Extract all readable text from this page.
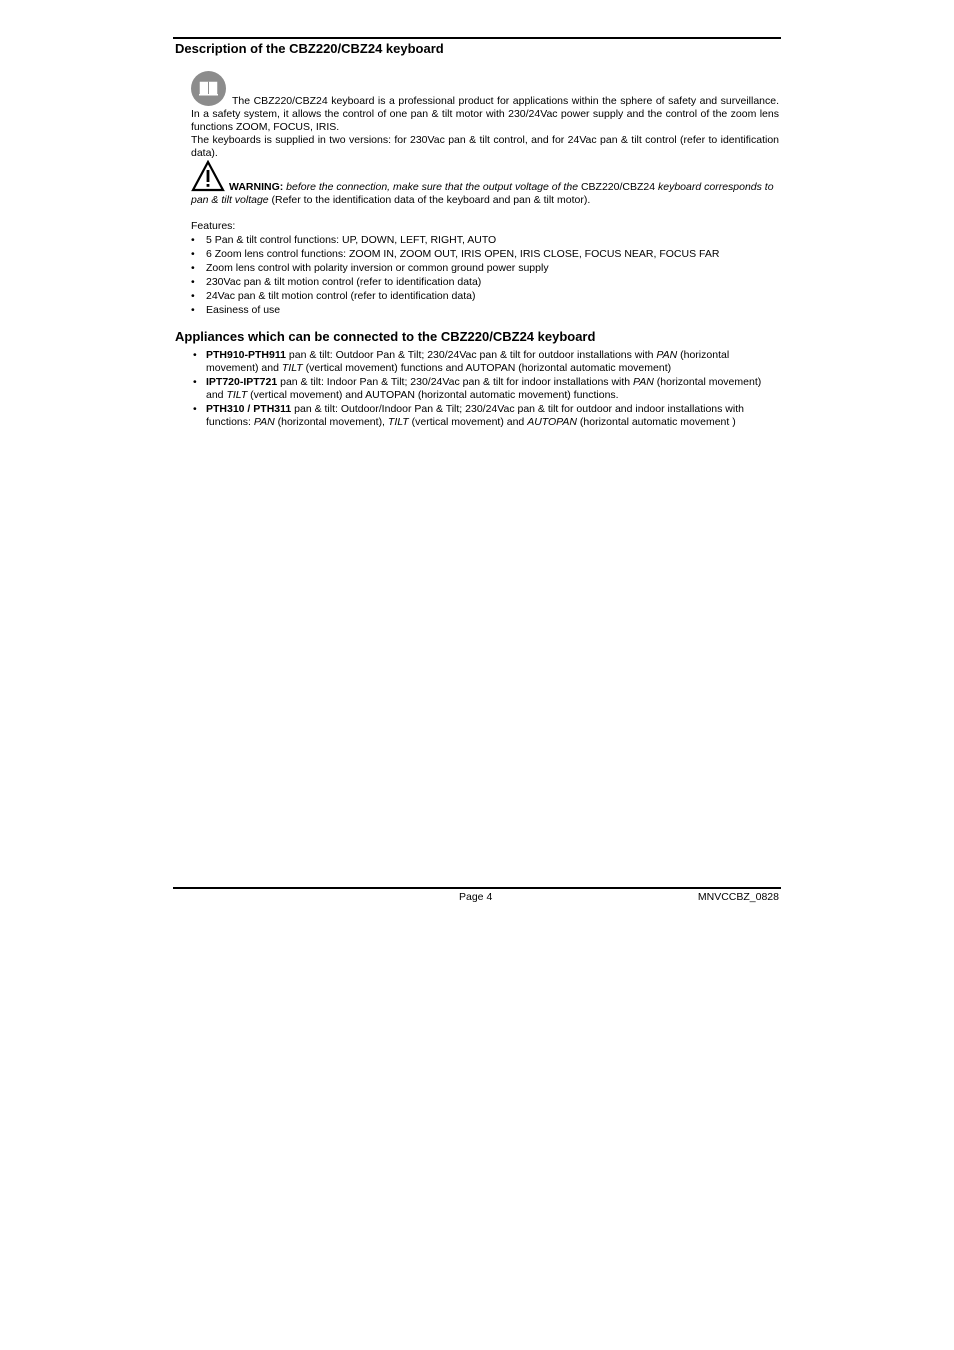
Description of the CBZ220/CBZ24 keyboard

The CBZ220/CBZ24 keyboard is a professional product for applications within the sphere of safety and surveillance. In a safety system, it allows the control of one pan & tilt motor with 230/24Vac power supply and the control of the zoom lens functions ZOOM, FOCUS, IRIS.

The keyboards is supplied in two versions: for 230Vac pan & tilt control, and for 24Vac pan & tilt control (refer to identification data).

WARNING: before the connection, make sure that the output voltage of the CBZ220/CBZ24 keyboard corresponds to pan & tilt voltage (Refer to the identification data of the keyboard and pan & tilt motor).
Features:
• 5 Pan & tilt control functions: UP, DOWN, LEFT, RIGHT, AUTO
• 6 Zoom lens control functions: ZOOM IN, ZOOM OUT, IRIS OPEN, IRIS CLOSE, FOCUS NEAR, FOCUS FAR
• Zoom lens control with polarity inversion or common ground power supply
• 230Vac pan & tilt motion control (refer to identification data)
• 24Vac pan & tilt motion control (refer to identification data)
• Easiness of use
Appliances which can be connected to the CBZ220/CBZ24 keyboard
• PTH910-PTH911 pan & tilt: Outdoor Pan & Tilt; 230/24Vac pan & tilt for outdoor installations with PAN (horizontal movement) and TILT (vertical movement) functions and AUTOPAN (horizontal automatic movement)
• IPT720-IPT721 pan & tilt: Indoor Pan & Tilt; 230/24Vac pan & tilt for indoor installations with PAN (horizontal movement) and TILT (vertical movement) and AUTOPAN (horizontal automatic movement) functions.
• PTH310 / PTH311 pan & tilt: Outdoor/Indoor Pan & Tilt; 230/24Vac pan & tilt for outdoor and indoor installations with functions: PAN (horizontal movement), TILT (vertical movement) and AUTOPAN (horizontal automatic movement )
Page 4	MNVCCBZ_0828
